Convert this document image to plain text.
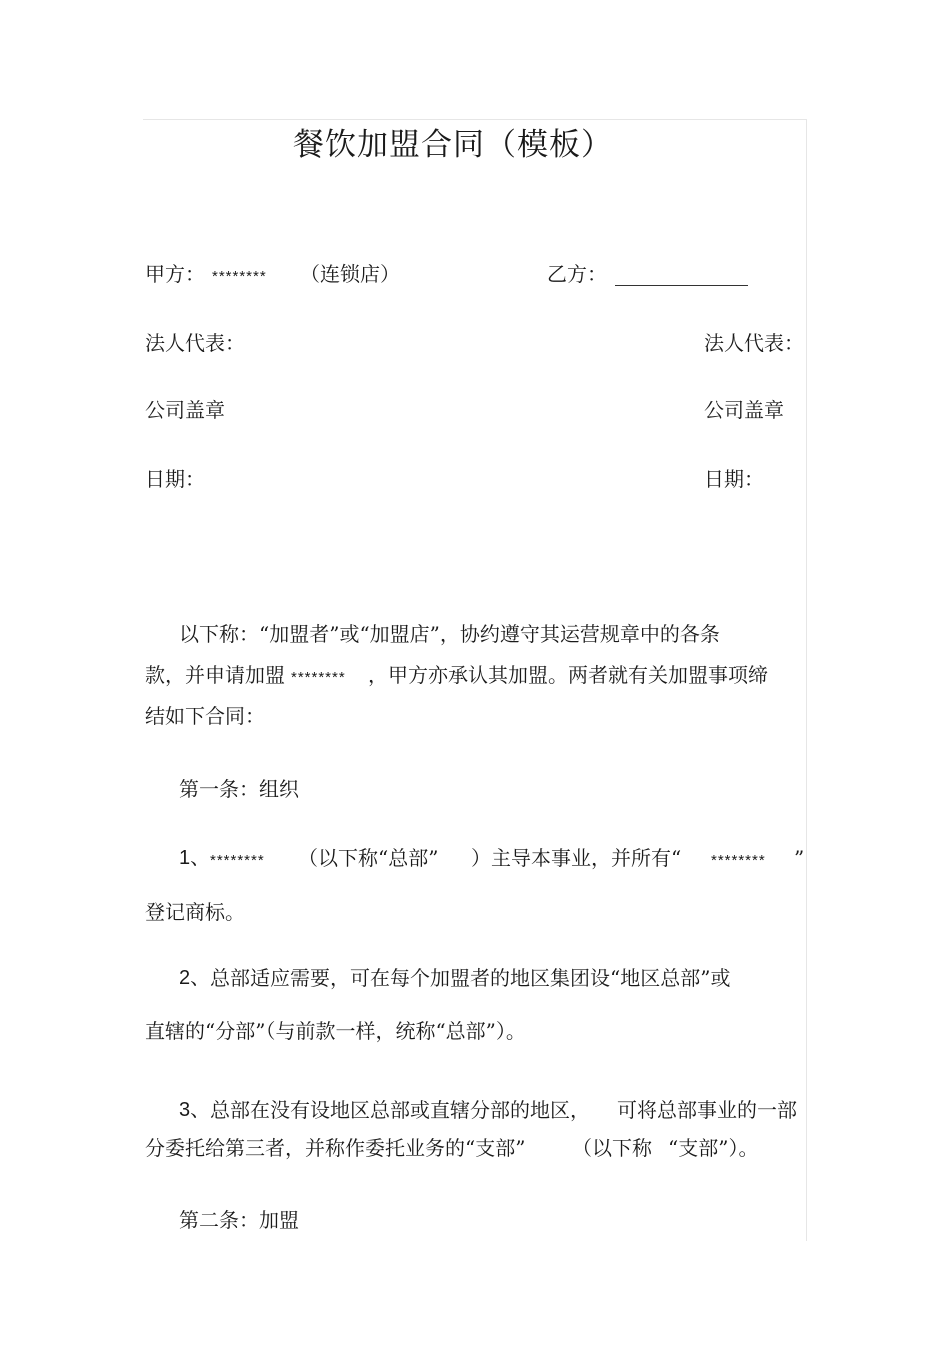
餐饮加盟合同（模板）
甲方： ******** （连锁店）	乙方：
法人代表：	法人代表：
公司盖章	公司盖章
日期：	日期：
以下称：“加盟者”或“加盟店”，协约遵守其运营规章中的各条
款，并申请加盟 ******** ，甲方亦承认其加盟。两者就有关加盟事项缔
结如下合同：
第一条：组织
1、 ******** （以下称“总部” ）主导本事业，并所有“ ******** ”
登记商标。
2、 总部适应需要，可在每个加盟者的地区集团设“地区总部”或
直辖的“分部”（与前款一样，统称“总部”）。
3、 总部在没有设地区总部或直辖分部的地区， 可将总部事业的一部
分委托给第三者，并称作委托业务的“支部” （以下称 “支部”）。
第二条：加盟
